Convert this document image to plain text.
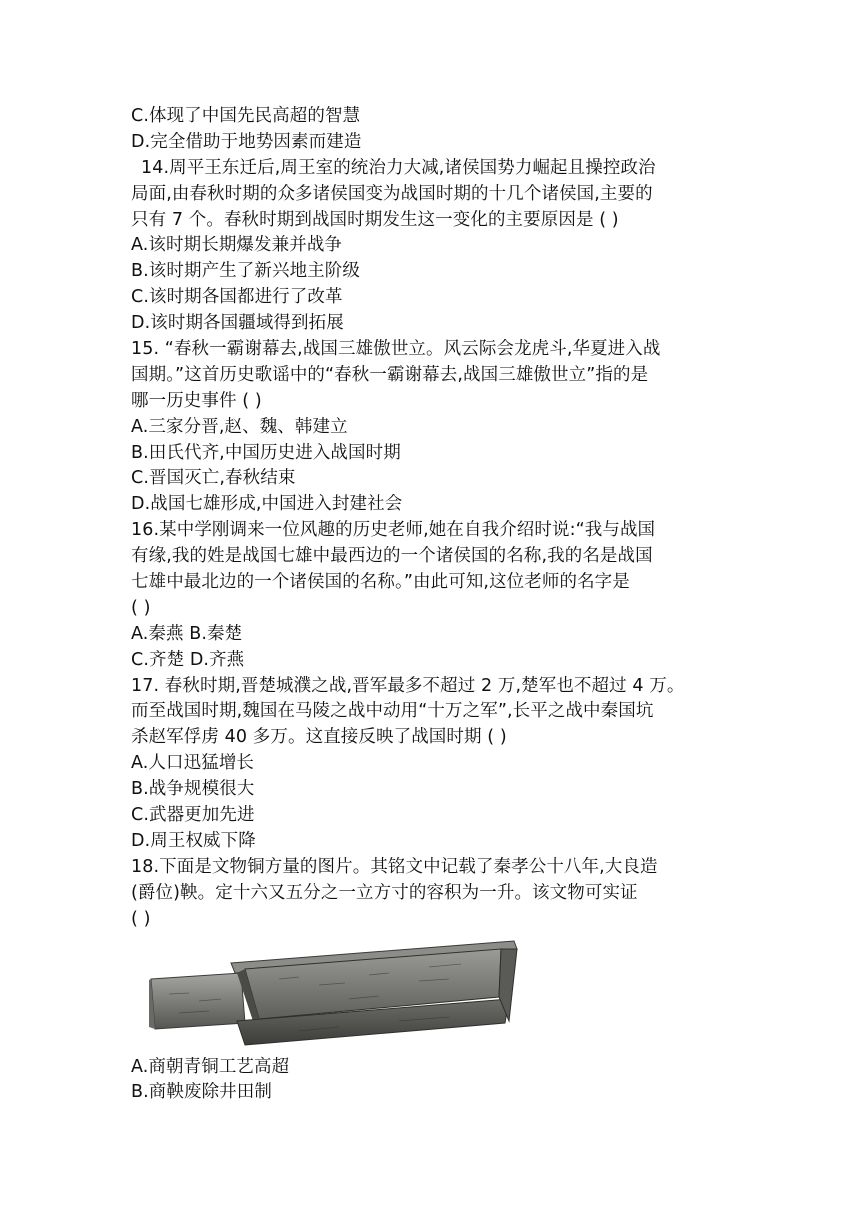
C.体现了中国先民高超的智慧
D.完全借助于地势因素而建造
14.周平王东迁后,周王室的统治力大减,诸侯国势力崛起且操控政治
局面,由春秋时期的众多诸侯国变为战国时期的十几个诸侯国,主要的
只有 7 个。春秋时期到战国时期发生这一变化的主要原因是 ( )
A.该时期长期爆发兼并战争
B.该时期产生了新兴地主阶级
C.该时期各国都进行了改革
D.该时期各国疆域得到拓展
15. “春秋一霸谢幕去,战国三雄傲世立。风云际会龙虎斗,华夏进入战
国期。”这首历史歌谣中的“春秋一霸谢幕去,战国三雄傲世立”指的是
哪一历史事件 ( )
A.三家分晋,赵、魏、韩建立
B.田氏代齐,中国历史进入战国时期
C.晋国灭亡,春秋结束
D.战国七雄形成,中国进入封建社会
16.某中学刚调来一位风趣的历史老师,她在自我介绍时说:“我与战国
有缘,我的姓是战国七雄中最西边的一个诸侯国的名称,我的名是战国
七雄中最北边的一个诸侯国的名称。”由此可知,这位老师的名字是
( )
A.秦燕 B.秦楚
C.齐楚 D.齐燕
17. 春秋时期,晋楚城濮之战,晋军最多不超过 2 万,楚军也不超过 4 万。
而至战国时期,魏国在马陵之战中动用“十万之军”,长平之战中秦国坑
杀赵军俘虏 40 多万。这直接反映了战国时期 ( )
A.人口迅猛增长
B.战争规模很大
C.武器更加先进
D.周王权威下降
18.下面是文物铜方量的图片。其铭文中记载了秦孝公十八年,大良造
(爵位)鞅。定十六又五分之一立方寸的容积为一升。该文物可实证
( )
A.商朝青铜工艺高超
B.商鞅废除井田制
